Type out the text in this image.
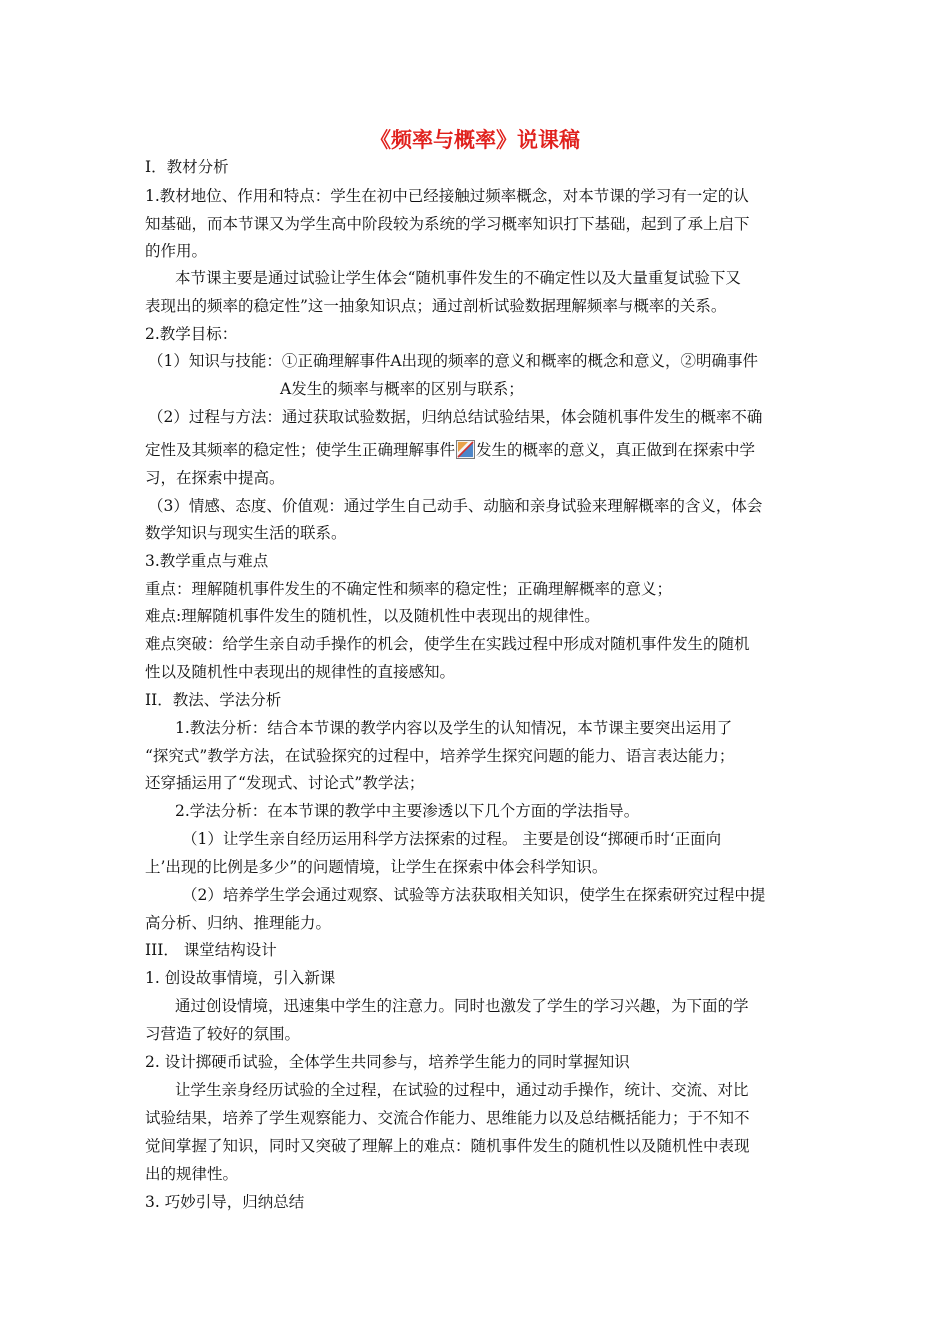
《频率与概率》说课稿
I．教材分析
1.教材地位、作用和特点：学生在初中已经接触过频率概念，对本节课的学习有一定的认
知基础，而本节课又为学生高中阶段较为系统的学习概率知识打下基础，起到了承上启下
的作用。
本节课主要是通过试验让学生体会“随机事件发生的不确定性以及大量重复试验下又
表现出的频率的稳定性”这一抽象知识点；通过剖析试验数据理解频率与概率的关系。
2.教学目标：
（1）知识与技能：①正确理解事件A出现的频率的意义和概率的概念和意义，②明确事件
A发生的频率与概率的区别与联系；
（2）过程与方法：通过获取试验数据，归纳总结试验结果，体会随机事件发生的概率不确
定性及其频率的稳定性；使学生正确理解事件 发生的概率的意义，真正做到在探索中学
习，在探索中提高。
（3）情感、态度、价值观：通过学生自己动手、动脑和亲身试验来理解概率的含义，体会
数学知识与现实生活的联系。
3.教学重点与难点
重点：理解随机事件发生的不确定性和频率的稳定性；正确理解概率的意义；
难点:理解随机事件发生的随机性，以及随机性中表现出的规律性。
难点突破：给学生亲自动手操作的机会，使学生在实践过程中形成对随机事件发生的随机
性以及随机性中表现出的规律性的直接感知。
II．教法、学法分析
1.教法分析：结合本节课的教学内容以及学生的认知情况，本节课主要突出运用了
“探究式”教学方法，在试验探究的过程中，培养学生探究问题的能力、语言表达能力；
还穿插运用了“发现式、讨论式”教学法；
2.学法分析：在本节课的教学中主要渗透以下几个方面的学法指导。
（1）让学生亲自经历运用科学方法探索的过程。 主要是创设“掷硬币时‘正面向
上’出现的比例是多少”的问题情境，让学生在探索中体会科学知识。
（2）培养学生学会通过观察、试验等方法获取相关知识，使学生在探索研究过程中提
高分析、归纳、推理能力。
III． 课堂结构设计
1. 创设故事情境，引入新课
通过创设情境，迅速集中学生的注意力。同时也激发了学生的学习兴趣，为下面的学
习营造了较好的氛围。
2. 设计掷硬币试验，全体学生共同参与，培养学生能力的同时掌握知识
让学生亲身经历试验的全过程，在试验的过程中，通过动手操作，统计、交流、对比
试验结果，培养了学生观察能力、交流合作能力、思维能力以及总结概括能力；于不知不
觉间掌握了知识，同时又突破了理解上的难点：随机事件发生的随机性以及随机性中表现
出的规律性。
3. 巧妙引导，归纳总结
